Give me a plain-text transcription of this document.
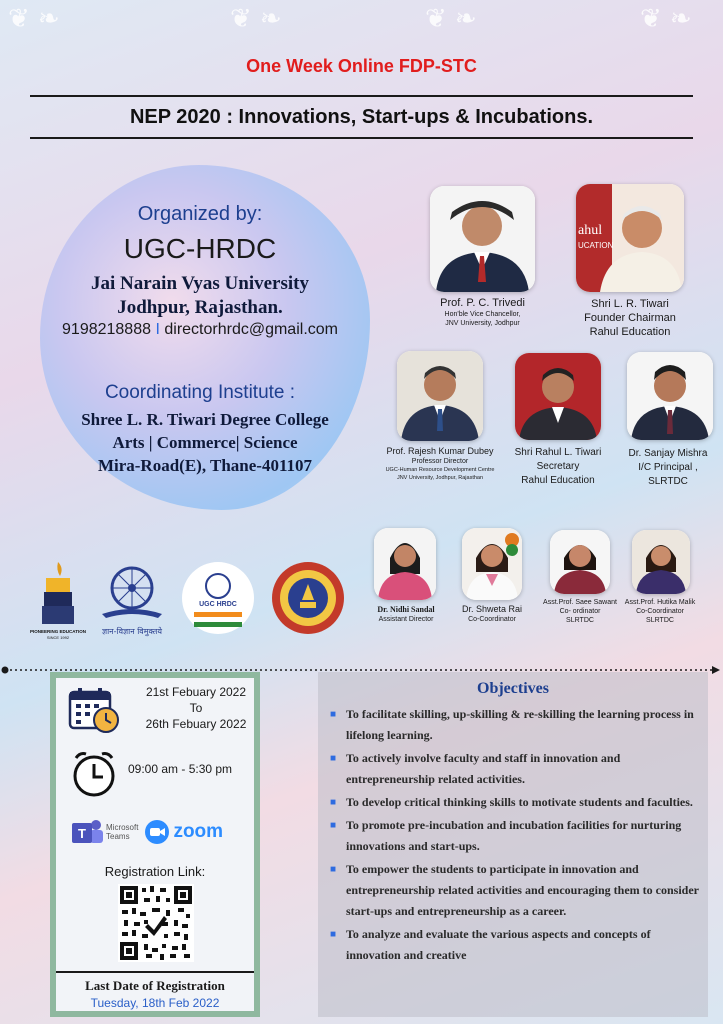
❦ ❧	❦ ❧	❦ ❧	❦ ❧
One Week Online FDP-STC
NEP 2020 : Innovations, Start-ups & Incubations.
Organized by:
UGC-HRDC
Jai Narain Vyas University
Jodhpur, Rajasthan.
9198218888 I directorhrdc@gmail.com
Coordinating Institute :
Shree L. R. Tiwari Degree College
Arts | Commerce| Science
Mira-Road(E), Thane-401107
Prof. P. C. Trivedi
Hon'ble Vice Chancellor,
JNV University, Jodhpur
ahul
UCATION
Shri L. R. Tiwari
Founder Chairman
Rahul Education
Prof. Rajesh Kumar Dubey
Professor Director
UGC-Human Resource Development Centre
JNV University, Jodhpur, Rajasthan
Shri Rahul L. Tiwari
Secretary
Rahul Education
Dr. Sanjay Mishra
I/C Principal ,
SLRTDC
PIONEERING EDUCATION
SINCE 1992
ज्ञान-विज्ञान विमुक्तये
UGC HRDC
Dr. Nidhi Sandal
Assistant Director
Dr. Shweta Rai
Co-Coordinator
Asst.Prof. Saee Sawant
Co- ordinator
SLRTDC
Asst.Prof. Hutika Malik
Co-Coordinator
SLRTDC
21st Febuary 2022
To
26th Febuary 2022
09:00 am - 5:30 pm
T	Microsoft
Teams	zoom
Registration Link:
Last Date of Registration
Tuesday, 18th Feb 2022
Objectives
■ To facilitate skilling, up-skilling & re-skilling the learning process in lifelong learning.
■ To actively involve faculty and staff in innovation and entrepreneurship related activities.
■ To develop critical thinking skills to motivate students and faculties.
■ To promote pre-incubation and incubation facilities for nurturing innovations and start-ups.
■ To empower the students to participate in innovation and entrepreneurship related activities and encouraging them to consider start-ups and entrepreneurship as a career.
■ To analyze and evaluate the various aspects and concepts of innovation and creative
